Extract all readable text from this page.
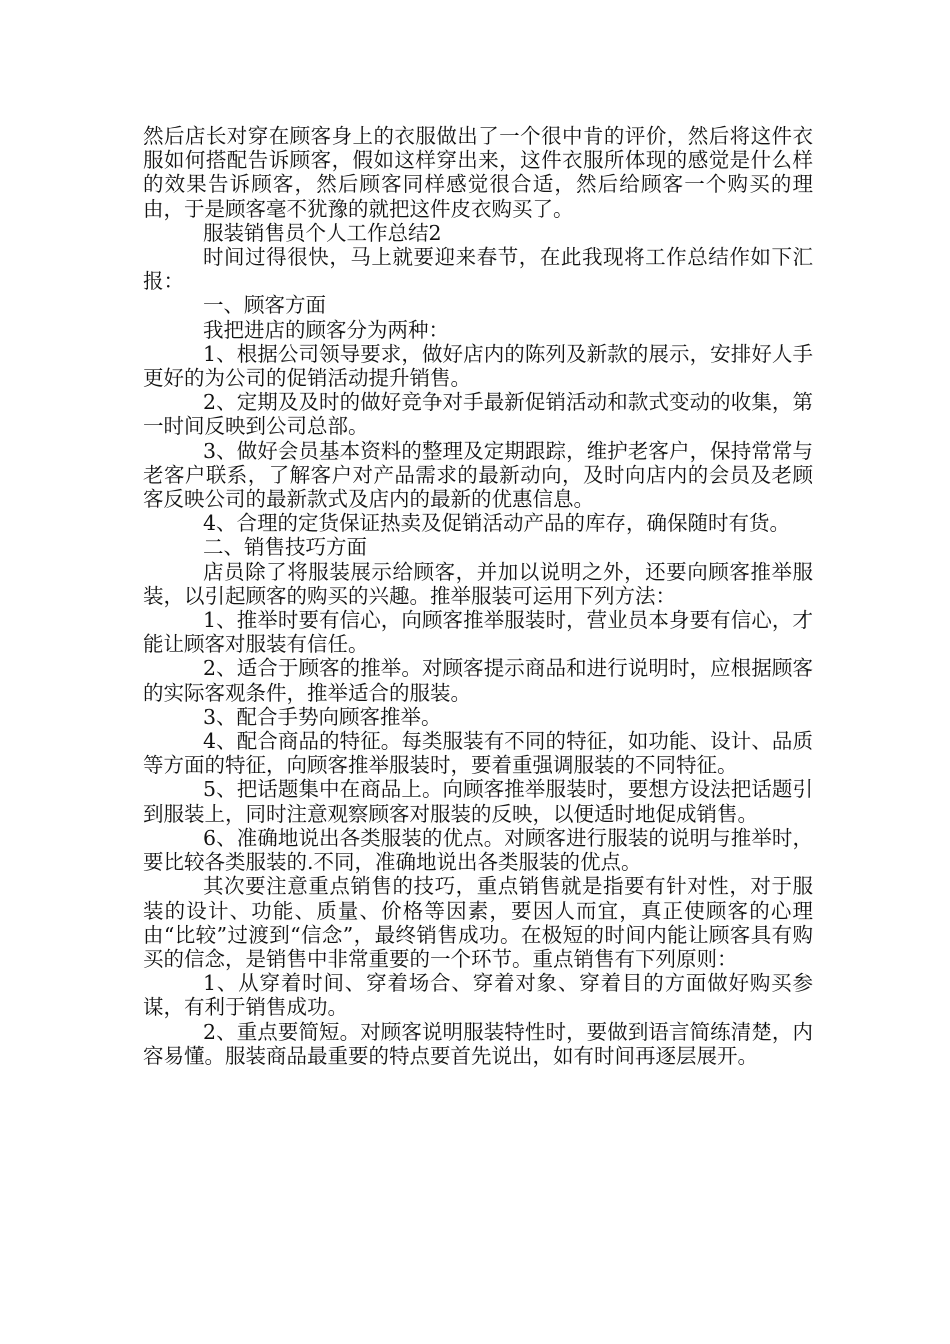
然后店长对穿在顾客身上的衣服做出了一个很中肯的评价，然后将这件衣服如何搭配告诉顾客，假如这样穿出来，这件衣服所体现的感觉是什么样的效果告诉顾客，然后顾客同样感觉很合适，然后给顾客一个购买的理由，于是顾客毫不犹豫的就把这件皮衣购买了。

服装销售员个人工作总结2

时间过得很快，马上就要迎来春节，在此我现将工作总结作如下汇报：

一、顾客方面

我把进店的顾客分为两种：

1、根据公司领导要求，做好店内的陈列及新款的展示，安排好人手更好的为公司的促销活动提升销售。

2、定期及及时的做好竞争对手最新促销活动和款式变动的收集，第一时间反映到公司总部。

3、做好会员基本资料的整理及定期跟踪，维护老客户，保持常常与老客户联系，了解客户对产品需求的最新动向，及时向店内的会员及老顾客反映公司的最新款式及店内的最新的优惠信息。

4、合理的定货保证热卖及促销活动产品的库存，确保随时有货。

二、销售技巧方面

店员除了将服装展示给顾客，并加以说明之外，还要向顾客推举服装，以引起顾客的购买的兴趣。推举服装可运用下列方法：

1、推举时要有信心，向顾客推举服装时，营业员本身要有信心，才能让顾客对服装有信任。

2、适合于顾客的推举。对顾客提示商品和进行说明时，应根据顾客的实际客观条件，推举适合的服装。

3、配合手势向顾客推举。

4、配合商品的特征。每类服装有不同的特征，如功能、设计、品质等方面的特征，向顾客推举服装时，要着重强调服装的不同特征。

5、把话题集中在商品上。向顾客推举服装时，要想方设法把话题引到服装上，同时注意观察顾客对服装的反映，以便适时地促成销售。

6、准确地说出各类服装的优点。对顾客进行服装的说明与推举时，要比较各类服装的.不同，准确地说出各类服装的优点。

其次要注意重点销售的技巧，重点销售就是指要有针对性，对于服装的设计、功能、质量、价格等因素，要因人而宜，真正使顾客的心理由“比较”过渡到“信念”，最终销售成功。在极短的时间内能让顾客具有购买的信念，是销售中非常重要的一个环节。重点销售有下列原则：

1、从穿着时间、穿着场合、穿着对象、穿着目的方面做好购买参谋，有利于销售成功。

2、重点要简短。对顾客说明服装特性时，要做到语言简练清楚，内容易懂。服装商品最重要的特点要首先说出，如有时间再逐层展开。
